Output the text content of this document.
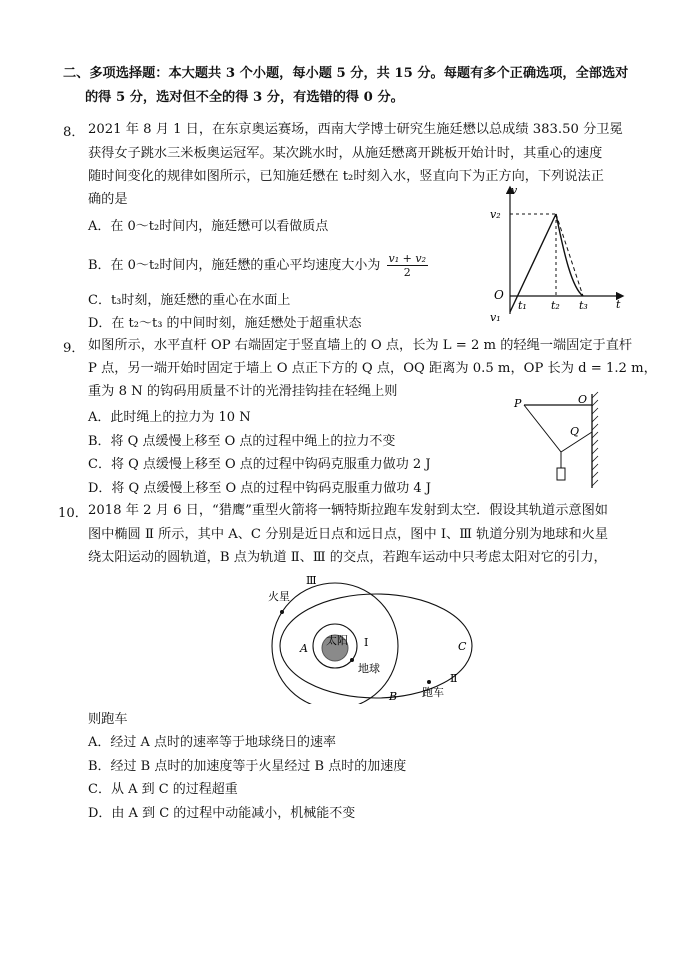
二、多项选择题：本大题共 3 个小题，每小题 5 分，共 15 分。每题有多个正确选项，全部选对
的得 5 分，选对但不全的得 3 分，有选错的得 0 分。
8． 2021 年 8 月 1 日，在东京奥运赛场，西南大学博士研究生施廷懋以总成绩 383.50 分卫冕
获得女子跳水三米板奥运冠军。某次跳水时，从施廷懋离开跳板开始计时，其重心的速度
随时间变化的规律如图所示，已知施廷懋在 t₂时刻入水，竖直向下为正方向，下列说法正
确的是
A．在 0～t₂时间内，施廷懋可以看做质点
B．在 0～t₂时间内，施廷懋的重心平均速度大小为 $\frac{\text{v₁ + v₂}}{2}$
C．t₃时刻，施廷懋的重心在水面上
D．在 t₂～t₃ 的中间时刻，施廷懋处于超重状态
v
t
O
v₂
v₁
t₁ t₂ t₃
9． 如图所示，水平直杆 OP 右端固定于竖直墙上的 O 点，长为 L = 2 m 的轻绳一端固定于直杆
P 点，另一端开始时固定于墙上 O 点正下方的 Q 点，OQ 距离为 0.5 m，OP 长为 d = 1.2 m，
重为 8 N 的钩码用质量不计的光滑挂钩挂在轻绳上则
A．此时绳上的拉力为 10 N
B．将 Q 点缓慢上移至 O 点的过程中绳上的拉力不变
C．将 Q 点缓慢上移至 O 点的过程中钩码克服重力做功 2 J
D．将 Q 点缓慢上移至 O 点的过程中钩码克服重力做功 4 J
P	O
Q
10． 2018 年 2 月 6 日，“猎鹰”重型火箭将一辆特斯拉跑车发射到太空．假设其轨道示意图如
图中椭圆 Ⅱ 所示，其中 A、C 分别是近日点和远日点，图中 Ⅰ、Ⅲ 轨道分别为地球和火星
绕太阳运动的圆轨道，B 点为轨道 Ⅱ、Ⅲ 的交点，若跑车运动中只考虑太阳对它的引力，
Ⅲ
火星
太阳 Ⅰ
地球
A
B
C
跑车
Ⅱ
则跑车
A．经过 A 点时的速率等于地球绕日的速率
B．经过 B 点时的加速度等于火星经过 B 点时的加速度
C．从 A 到 C 的过程超重
D．由 A 到 C 的过程中动能减小，机械能不变
